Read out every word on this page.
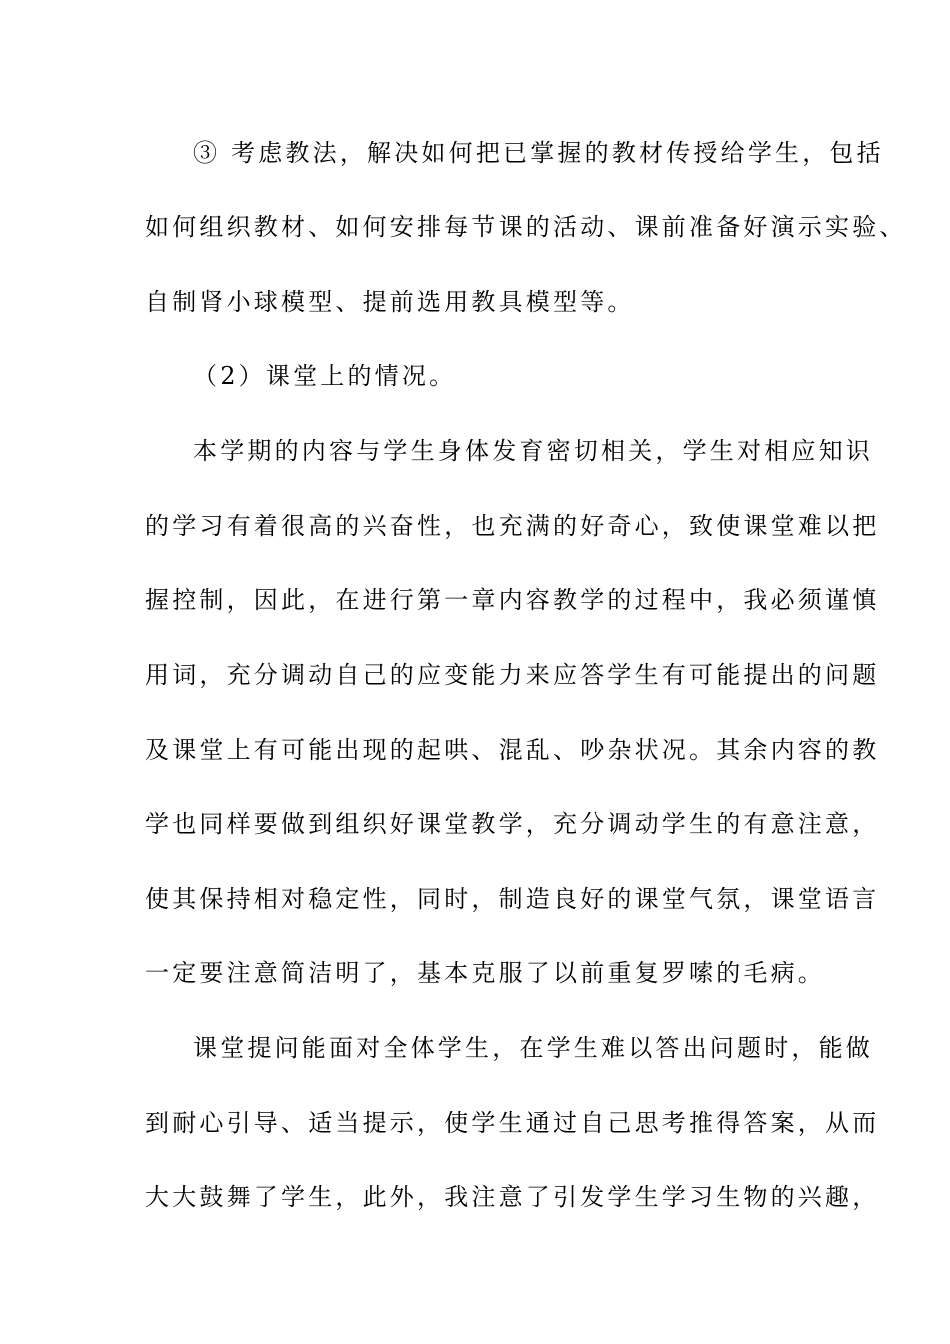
③ 考虑教法，解决如何把已掌握的教材传授给学生，包括
如何组织教材、如何安排每节课的活动、课前准备好演示实验、
自制肾小球模型、提前选用教具模型等。
（2）课堂上的情况。
本学期的内容与学生身体发育密切相关，学生对相应知识
的学习有着很高的兴奋性，也充满的好奇心，致使课堂难以把
握控制，因此，在进行第一章内容教学的过程中，我必须谨慎
用词，充分调动自己的应变能力来应答学生有可能提出的问题
及课堂上有可能出现的起哄、混乱、吵杂状况。其余内容的教
学也同样要做到组织好课堂教学，充分调动学生的有意注意，
使其保持相对稳定性，同时，制造良好的课堂气氛，课堂语言
一定要注意简洁明了，基本克服了以前重复罗嗦的毛病。
课堂提问能面对全体学生，在学生难以答出问题时，能做
到耐心引导、适当提示，使学生通过自己思考推得答案，从而
大大鼓舞了学生，此外，我注意了引发学生学习生物的兴趣，
